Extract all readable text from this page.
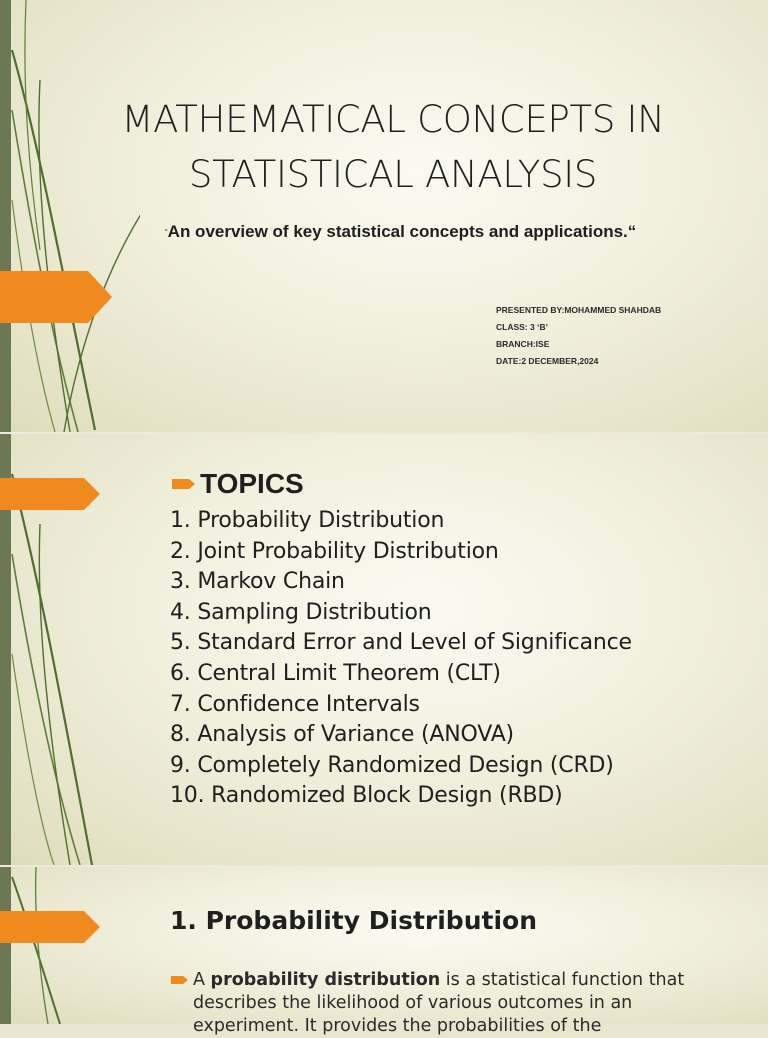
MATHEMATICAL CONCEPTS IN
STATISTICAL ANALYSIS

“An overview of key statistical concepts and applications.“

PRESENTED BY:MOHAMMED SHAHDAB
CLASS: 3 ‘B’
BRANCH:ISE
DATE:2 DECEMBER,2024
TOPICS
1. Probability Distribution
2. Joint Probability Distribution
3. Markov Chain
4. Sampling Distribution
5. Standard Error and Level of Significance
6. Central Limit Theorem (CLT)
7. Confidence Intervals
8. Analysis of Variance (ANOVA)
9. Completely Randomized Design (CRD)
10. Randomized Block Design (RBD)
1. Probability Distribution

A probability distribution is a statistical function that describes the likelihood of various outcomes in an experiment. It provides the probabilities of the
